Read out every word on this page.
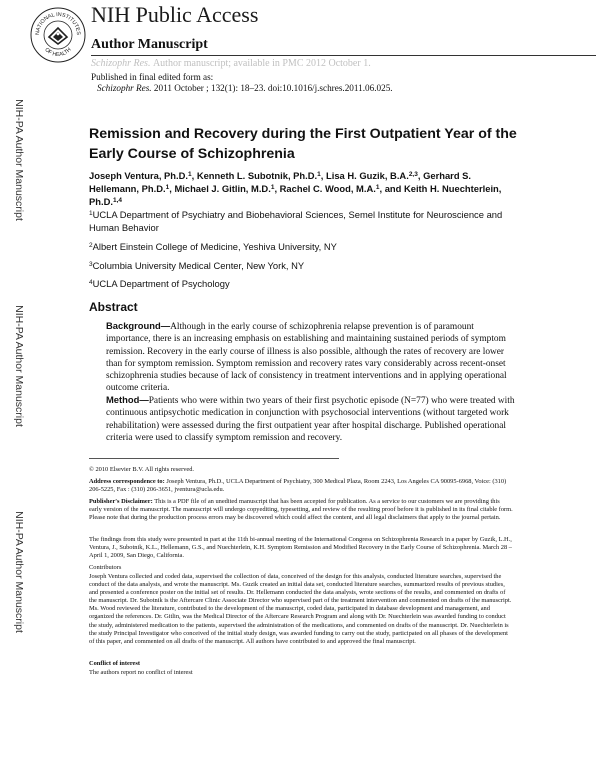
NATIONAL INSTITUTES
OF HEALTH
NIH Public Access
Author Manuscript
Schizophr Res. Author manuscript; available in PMC 2012 October 1.
Published in final edited form as:
Schizophr Res. 2011 October ; 132(1): 18–23. doi:10.1016/j.schres.2011.06.025.
NIH-PA Author Manuscript
NIH-PA Author Manuscript
NIH-PA Author Manuscript
Remission and Recovery during the First Outpatient Year of the Early Course of Schizophrenia
Joseph Ventura, Ph.D.$^1$, Kenneth L. Subotnik, Ph.D.$^1$, Lisa H. Guzik, B.A.$^{2,3}$, Gerhard S. Hellemann, Ph.D.$^1$, Michael J. Gitlin, M.D.$^1$, Rachel C. Wood, M.A.$^1$, and Keith H. Nuechterlein, Ph.D.$^{1,4}$
$^1$UCLA Department of Psychiatry and Biobehavioral Sciences, Semel Institute for Neuroscience and Human Behavior
$^2$Albert Einstein College of Medicine, Yeshiva University, NY
$^3$Columbia University Medical Center, New York, NY
$^4$UCLA Department of Psychology
Abstract
Background—Although in the early course of schizophrenia relapse prevention is of paramount importance, there is an increasing emphasis on establishing and maintaining sustained periods of symptom remission. Recovery in the early course of illness is also possible, although the rates of recovery are lower than for symptom remission. Symptom remission and recovery rates vary considerably across recent-onset schizophrenia studies because of lack of consistency in treatment interventions and in applying operational outcome criteria.
Method—Patients who were within two years of their first psychotic episode (N=77) who were treated with continuous antipsychotic medication in conjunction with psychosocial interventions (without targeted work rehabilitation) were assessed during the first outpatient year after hospital discharge. Published operational criteria were used to classify symptom remission and recovery.
© 2010 Elsevier B.V. All rights reserved.
Address correspondence to: Joseph Ventura, Ph.D., UCLA Department of Psychiatry, 300 Medical Plaza, Room 2243, Los Angeles CA 90095-6968, Voice: (310) 206-5225, Fax : (310) 206-3651, jventura@ucla.edu.
Publisher's Disclaimer: This is a PDF file of an unedited manuscript that has been accepted for publication. As a service to our customers we are providing this early version of the manuscript. The manuscript will undergo copyediting, typesetting, and review of the resulting proof before it is published in its final citable form. Please note that during the production process errors may be discovered which could affect the content, and all legal disclaimers that apply to the journal pertain.
The findings from this study were presented in part at the 11th bi-annual meeting of the International Congress on Schizophrenia Research in a paper by Guzik, L.H., Ventura, J., Subotnik, K.L., Hellemann, G.S., and Nuechterlein, K.H. Symptom Remission and Modified Recovery in the Early Course of Schizophrenia. March 28 – April 1, 2009, San Diego, California.
Contributors
Joseph Ventura collected and coded data, supervised the collection of data, conceived of the design for this analysis, conducted literature searches, supervised the conduct of the data analysis, and wrote the manuscript. Ms. Guzik created an initial data set, conducted literature searches, summarized results of previous studies, and presented a conference poster on the initial set of results. Dr. Hellemann conducted the data analysis, wrote sections of the results, and commented on drafts of the manuscript. Dr. Subotnik is the Aftercare Clinic Associate Director who supervised part of the treatment intervention and commented on drafts of the manuscript. Ms. Wood reviewed the literature, contributed to the development of the manuscript, coded data, participated in database development and management, and organized the references. Dr. Gitlin, was the Medical Director of the Aftercare Research Program and along with Dr. Nuechterlein was awarded funding to conduct the study, administered medication to the patients, supervised the administration of the medications, and commented on drafts of the manuscript. Dr. Nuechterlein is the study Principal Investigator who conceived of the initial study design, was awarded funding to carry out the study, participated on all phases of the development of this paper, and commented on all drafts of the manuscript. All authors have contributed to and approved the final manuscript.
Conflict of interest
The authors report no conflict of interest
